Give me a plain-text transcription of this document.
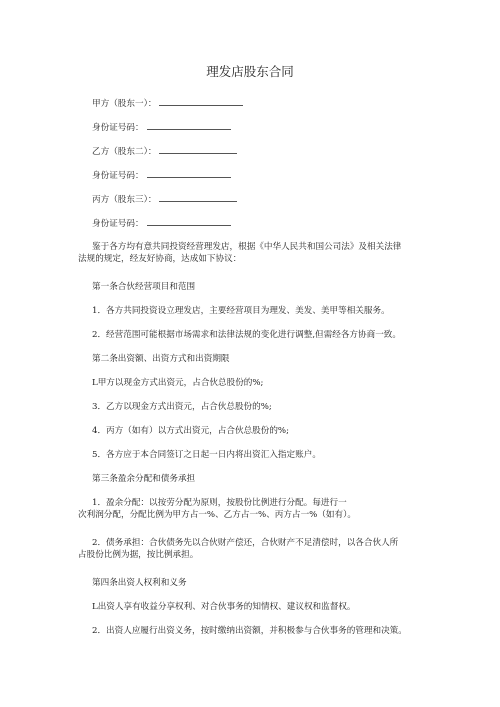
理发店股东合同
甲方（股东一）：
身份证号码：
乙方（股东二）：
身份证号码：
丙方（股东三）：
身份证号码：
鉴于各方均有意共同投资经营理发店，根据《中华人民共和国公司法》及相关法律
法规的规定，经友好协商，达成如下协议：
第一条合伙经营项目和范围
1．各方共同投资设立理发店，主要经营项目为理发、美发、美甲等相关服务。
2．经营范围可能根据市场需求和法律法规的变化进行调整,但需经各方协商一致。
第二条出资额、出资方式和出资期限
L甲方以现金方式出资元，占合伙总股份的%;
3．乙方以现金方式出资元，占合伙总股份的%;
4．丙方（如有）以方式出资元，占合伙总股份的%;
5．各方应于本合同签订之日起一日内将出资汇入指定账户。
第三条盈余分配和债务承担
1．盈余分配：以按劳分配为原则，按股份比例进行分配。每进行一
次利润分配，分配比例为甲方占一%、乙方占一%、丙方占一%（如有）。
2．债务承担：合伙债务先以合伙财产偿还，合伙财产不足清偿时，以各合伙人所
占股份比例为据，按比例承担。
第四条出资人权利和义务
L出资人享有收益分享权利、对合伙事务的知情权、建议权和监督权。
2．出资人应履行出资义务，按时缴纳出资额，并积极参与合伙事务的管理和决策。
